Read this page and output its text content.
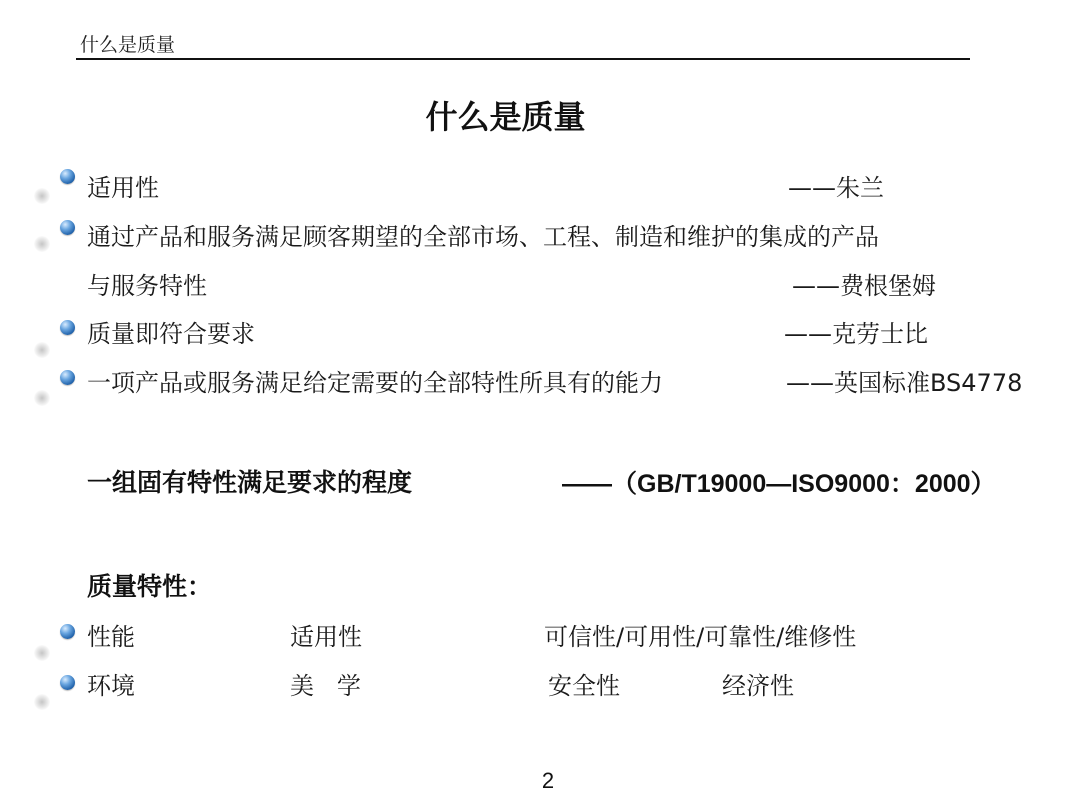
什么是质量
什么是质量
适用性	——朱兰
通过产品和服务满足顾客期望的全部市场、工程、制造和维护的集成的产品
与服务特性	——费根堡姆
质量即符合要求	——克劳士比
一项产品或服务满足给定需要的全部特性所具有的能力	——英国标准BS4778
一组固有特性满足要求的程度	——（GB/T19000—ISO9000：2000）
质量特性：
性能	适用性	可信性/可用性/可靠性/维修性
环境	美   学	安全性	经济性
2
